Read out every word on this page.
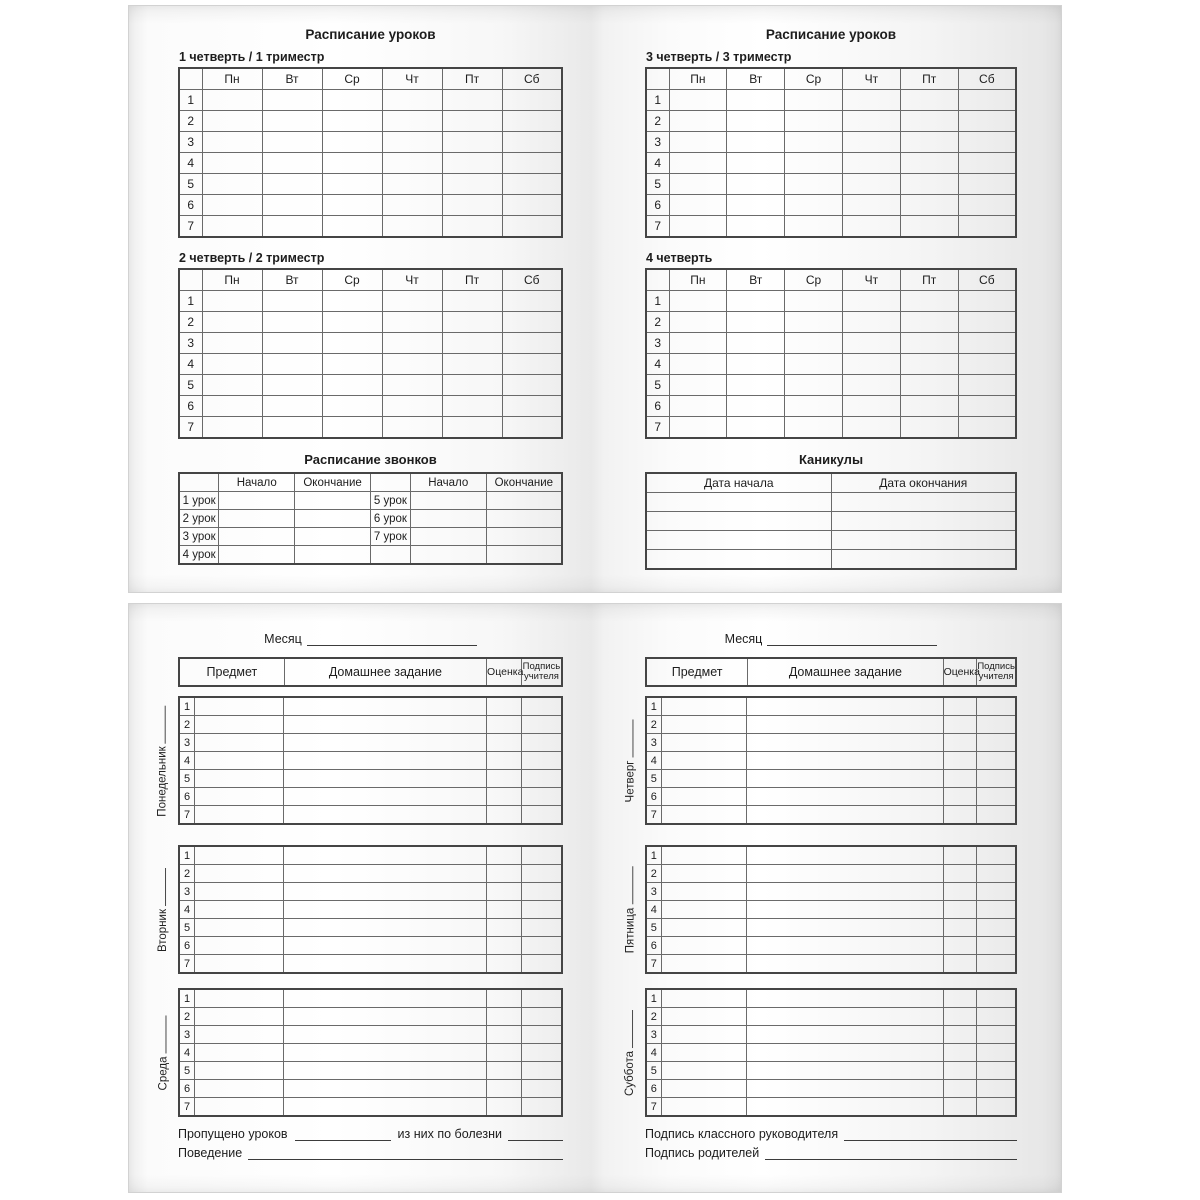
Расписание уроков
1 четверть / 1 триместр
	Пн	Вт	Ср	Чт	Пт	Сб
1						
2						
3						
4						
5						
6						
7						
2 четверть / 2 триместр
	Пн	Вт	Ср	Чт	Пт	Сб
1						
2						
3						
4						
5						
6						
7						
Расписание звонков
	Начало	Окончание		Начало	Окончание
1 урок			5 урок		
2 урок			6 урок		
3 урок			7 урок		
4 урок					
Расписание уроков
3 четверть / 3 триместр
	Пн	Вт	Ср	Чт	Пт	Сб
1						
2						
3						
4						
5						
6						
7						
4 четверть
	Пн	Вт	Ср	Чт	Пт	Сб
1						
2						
3						
4						
5						
6						
7						
Каникулы
Дата начала	Дата окончания

Месяц
Предмет	Домашнее задание	Оценка	Подпись учителя
Понедельник
1				
2				
3				
4				
5				
6				
7				
Вторник
1				
2				
3				
4				
5				
6				
7				
Среда
1				
2				
3				
4				
5				
6				
7				
Пропущено уроков	из них по болезни
Поведение
Месяц
Предмет	Домашнее задание	Оценка	Подпись учителя
Четверг
1				
2				
3				
4				
5				
6				
7				
Пятница
1				
2				
3				
4				
5				
6				
7				
Суббота
1				
2				
3				
4				
5				
6				
7				
Подпись классного руководителя
Подпись родителей
